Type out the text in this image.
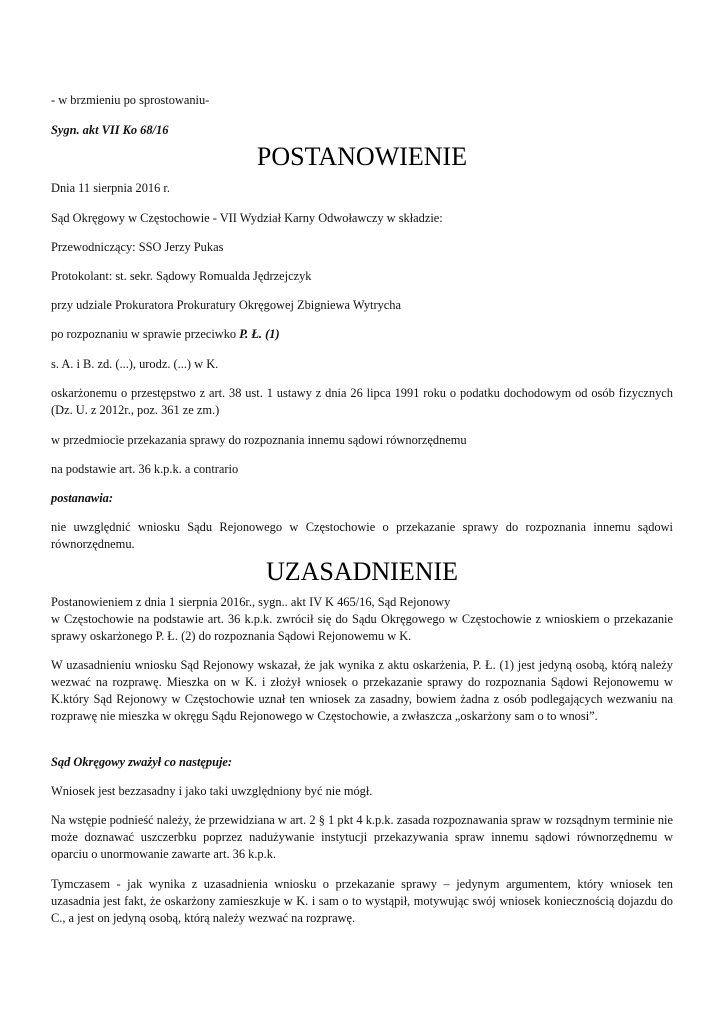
- w brzmieniu po sprostowaniu-
Sygn. akt VII Ko 68/16
POSTANOWIENIE
Dnia 11 sierpnia 2016 r.
Sąd Okręgowy w Częstochowie - VII Wydział Karny Odwoławczy w składzie:
Przewodniczący: SSO Jerzy Pukas
Protokolant: st. sekr. Sądowy Romualda Jędrzejczyk
przy udziale Prokuratora Prokuratury Okręgowej Zbigniewa Wytrycha
po rozpoznaniu w sprawie przeciwko P. Ł. (1)
s. A. i B. zd. (...), urodz. (...) w K.
oskarżonemu o przestępstwo z art. 38 ust. 1 ustawy z dnia 26 lipca 1991 roku o podatku dochodowym od osób fizycznych (Dz. U. z 2012r., poz. 361 ze zm.)
w przedmiocie przekazania sprawy do rozpoznania innemu sądowi równorzędnemu
na podstawie art. 36 k.p.k. a contrario
postanawia:
nie uwzględnić wniosku Sądu Rejonowego w Częstochowie o przekazanie sprawy do rozpoznania innemu sądowi równorzędnemu.
UZASADNIENIE
Postanowieniem z dnia 1 sierpnia 2016r., sygn.. akt IV K 465/16, Sąd Rejonowy
w Częstochowie na podstawie art. 36 k.p.k. zwrócił się do Sądu Okręgowego w Częstochowie z wnioskiem o przekazanie sprawy oskarżonego P. Ł. (2) do rozpoznania Sądowi Rejonowemu w K.
W uzasadnieniu wniosku Sąd Rejonowy wskazał, że jak wynika z aktu oskarżenia, P. Ł. (1) jest jedyną osobą, którą należy wezwać na rozprawę. Mieszka on w K. i złożył wniosek o przekazanie sprawy do rozpoznania Sądowi Rejonowemu w K.który Sąd Rejonowy w Częstochowie uznał ten wniosek za zasadny, bowiem żadna z osób podlegających wezwaniu na rozprawę nie mieszka w okręgu Sądu Rejonowego w Częstochowie, a zwłaszcza „oskarżony sam o to wnosi”.
Sąd Okręgowy zważył co następuje:
Wniosek jest bezzasadny i jako taki uwzględniony być nie mógł.
Na wstępie podnieść należy, że przewidziana w art. 2 § 1 pkt 4 k.p.k. zasada rozpoznawania spraw w rozsądnym terminie nie może doznawać uszczerbku poprzez nadużywanie instytucji przekazywania spraw innemu sądowi równorzędnemu w oparciu o unormowanie zawarte art. 36 k.p.k.
Tymczasem - jak wynika z uzasadnienia wniosku o przekazanie sprawy – jedynym argumentem, który wniosek ten uzasadnia jest fakt, że oskarżony zamieszkuje w K. i sam o to wystąpił, motywując swój wniosek koniecznością dojazdu do C., a jest on jedyną osobą, którą należy wezwać na rozprawę.
